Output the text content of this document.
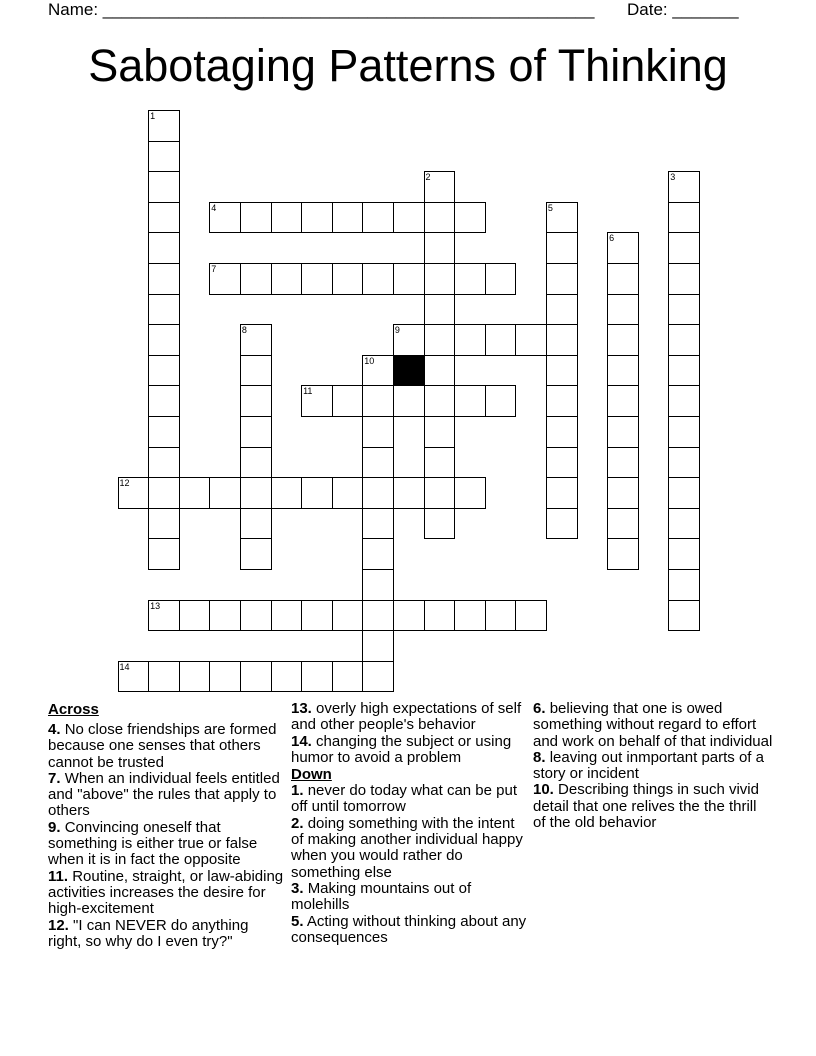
Name: ____________________________________________________ Date: _______
Sabotaging Patterns of Thinking
1
2	3
4	5
6
7
8	9
10
11
12
13
14
Across
4. No close friendships are formed because one senses that others cannot be trusted
7. When an individual feels entitled and "above" the rules that apply to others
9. Convincing oneself that something is either true or false when it is in fact the opposite
11. Routine, straight, or law-abiding activities increases the desire for high-excitement
12. "I can NEVER do anything right, so why do I even try?"
13. overly high expectations of self and other people's behavior
14. changing the subject or using humor to avoid a problem
Down
1. never do today what can be put off until tomorrow
2. doing something with the intent of making another individual happy when you would rather do something else
3. Making mountains out of molehills
5. Acting without thinking about any consequences
6. believing that one is owed something without regard to effort and work on behalf of that individual
8. leaving out inmportant parts of a story or incident
10. Describing things in such vivid detail that one relives the the thrill of the old behavior
